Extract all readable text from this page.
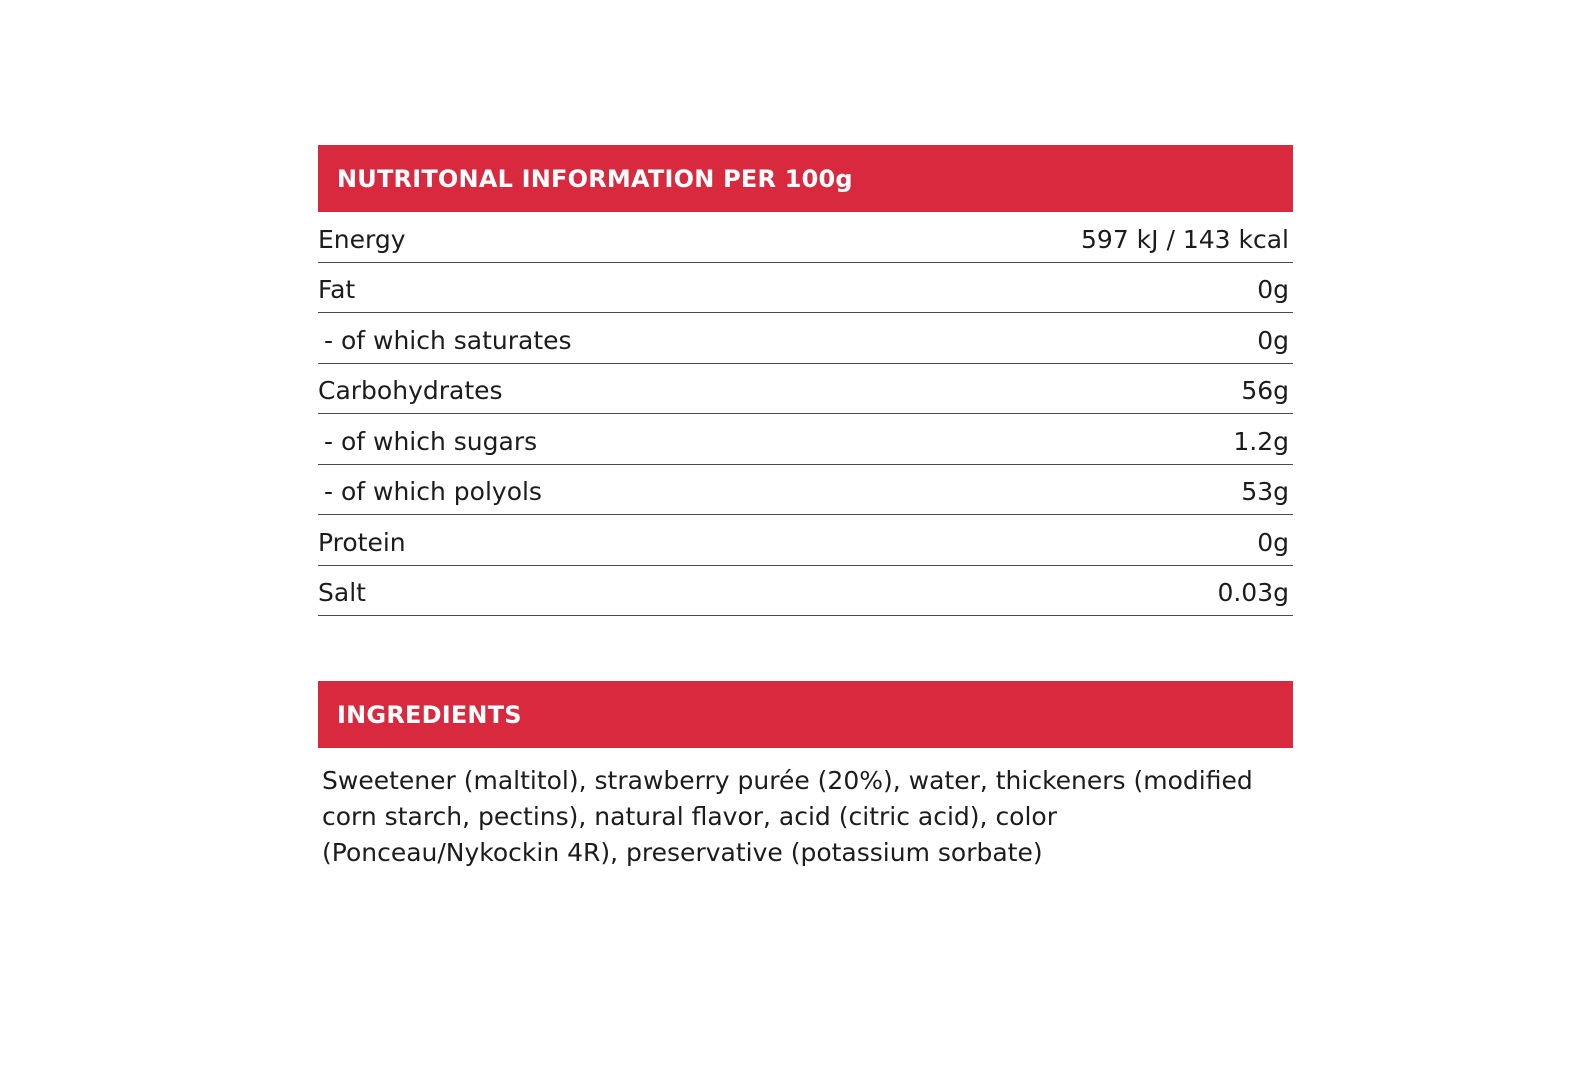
NUTRITONAL INFORMATION PER 100g
Energy	597 kJ / 143 kcal
Fat	0g
- of which saturates	0g
Carbohydrates	56g
- of which sugars	1.2g
- of which polyols	53g
Protein	0g
Salt	0.03g
INGREDIENTS

Sweetener (maltitol), strawberry purée (20%), water, thickeners (modified corn starch, pectins), natural flavor, acid (citric acid), color (Ponceau/Nykockin 4R), preservative (potassium sorbate)
